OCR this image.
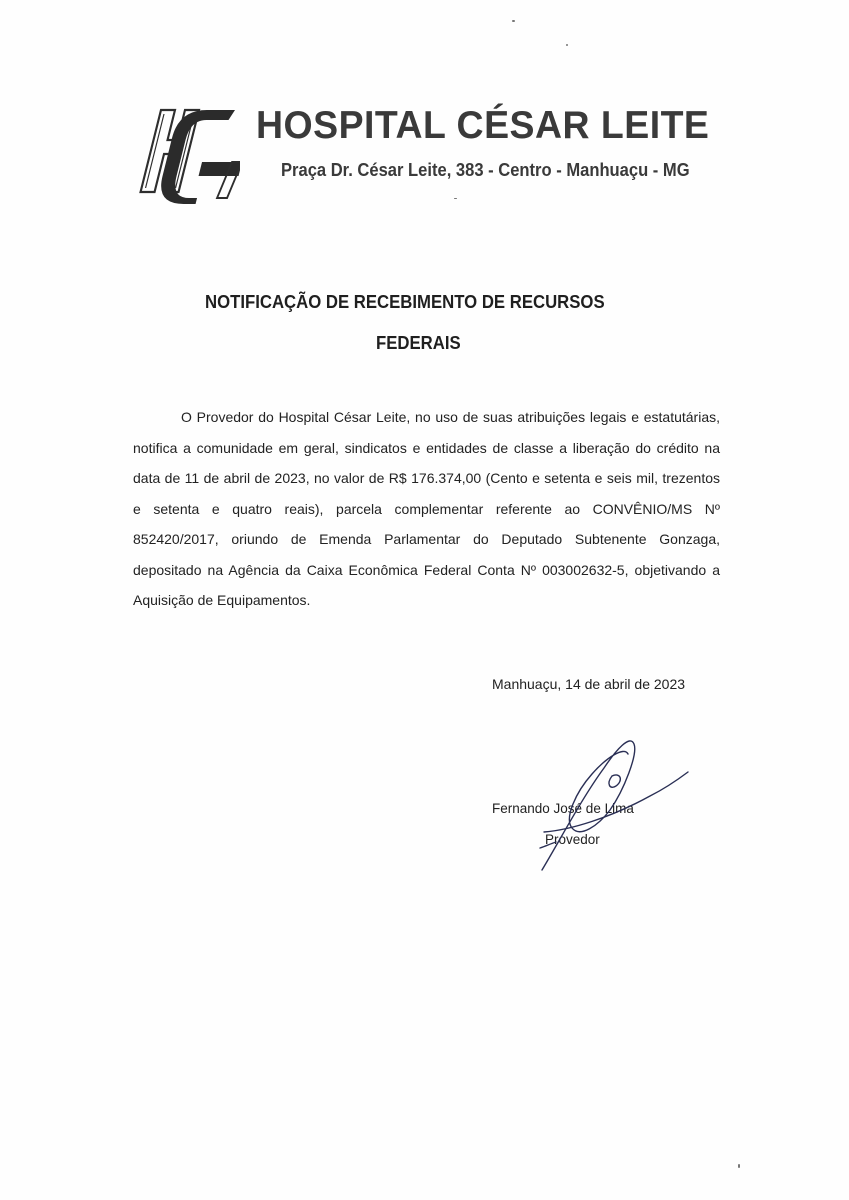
HOSPITAL CÉSAR LEITE
Praça Dr. César Leite, 383 - Centro - Manhuaçu - MG
NOTIFICAÇÃO DE RECEBIMENTO DE RECURSOS
FEDERAIS
O Provedor do Hospital César Leite, no uso de suas atribuições legais e estatutárias, notifica a comunidade em geral, sindicatos e entidades de classe a liberação do crédito na data de 11 de abril de 2023, no valor de R$ 176.374,00 (Cento e setenta e seis mil, trezentos e setenta e quatro reais), parcela complementar referente ao CONVÊNIO/MS Nº 852420/2017, oriundo de Emenda Parlamentar do Deputado Subtenente Gonzaga, depositado na Agência da Caixa Econômica Federal Conta Nº 003002632-5, objetivando a Aquisição de Equipamentos.
Manhuaçu, 14 de abril de 2023
Fernando José de Lima
Provedor
